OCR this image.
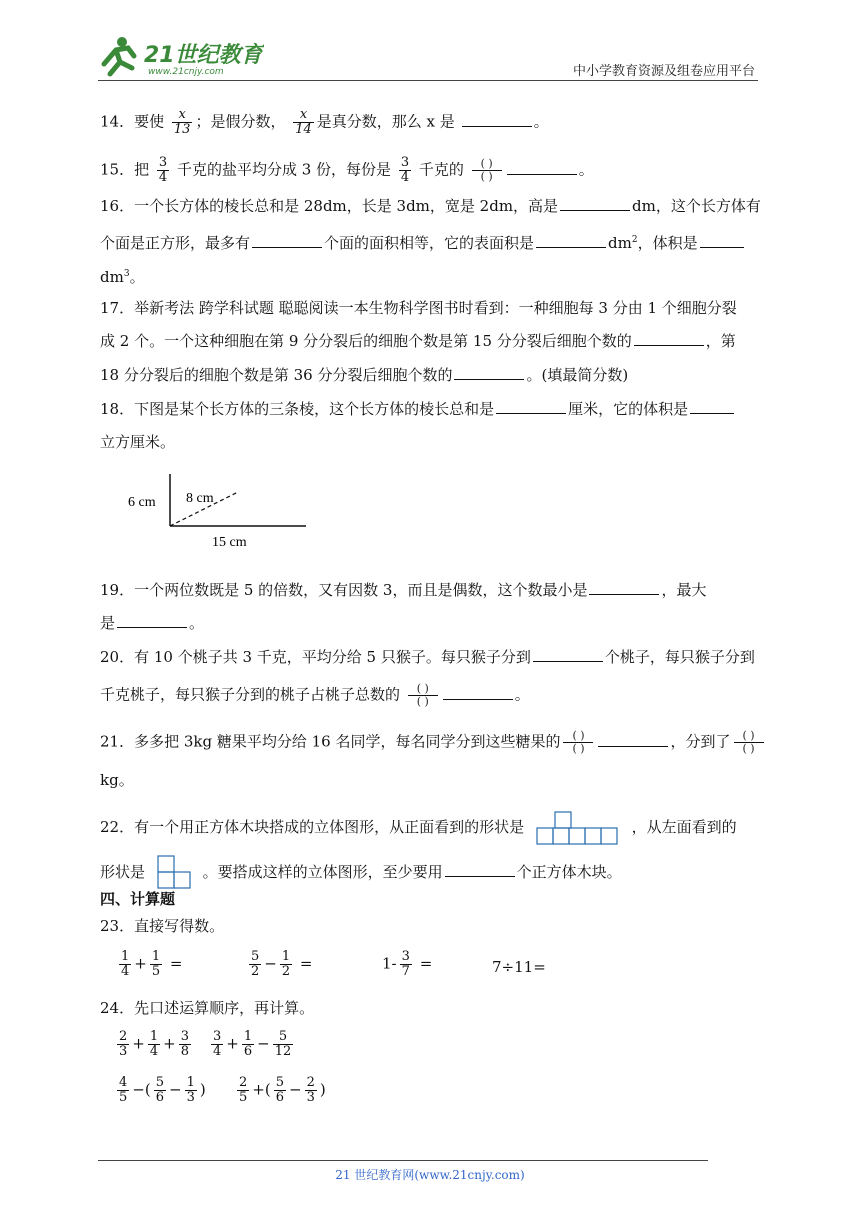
21世纪教育
www.21cnjy.com	中小学教育资源及组卷应用平台
14．要使 $\frac{x}{13}$ ；是假分数， $\frac{x}{14}$ 是真分数，那么 x 是	。
15．把 $\frac{3}{4}$ 千克的盐平均分成 3 份，每份是 $\frac{3}{4}$ 千克的 $\frac{( )}{( )}$	。
16．一个长方体的棱长总和是 28dm，长是 3dm，宽是 2dm，高是	dm，这个长方体有
个面是正方形，最多有	个面的面积相等，它的表面积是	$dm^2$，体积是
$dm^3$。
17．举新考法 跨学科试题 聪聪阅读一本生物科学图书时看到：一种细胞每 3 分由 1 个细胞分裂
成 2 个。一个这种细胞在第 9 分分裂后的细胞个数是第 15 分分裂后细胞个数的	，第
18 分分裂后的细胞个数是第 36 分分裂后细胞个数的	。(填最简分数)
18．下图是某个长方体的三条棱，这个长方体的棱长总和是	厘米，它的体积是
立方厘米。
6 cm 8 cm
15 cm
19．一个两位数既是 5 的倍数，又有因数 3，而且是偶数，这个数最小是	，最大
是	。
20．有 10 个桃子共 3 千克，平均分给 5 只猴子。每只猴子分到	个桃子，每只猴子分到
千克桃子，每只猴子分到的桃子占桃子总数的 $\frac{( )}{( )}$	。
21．多多把 3kg 糖果平均分给 16 名同学，每名同学分到这些糖果的 $\frac{( )}{( )}$	，分到了 $\frac{( )}{( )}$
kg。
22．有一个用正方体木块搭成的立体图形，从正面看到的形状是	，从左面看到的
形状是	。要搭成这样的立体图形，至少要用	个正方体木块。
四、计算题
23．直接写得数。
$\frac{1}{4} + \frac{1}{5}$ =	$\frac{5}{2} - \frac{1}{2}$ =	$1- \frac{3}{7}$ =	7÷11=
24．先口述运算顺序，再计算。
$\frac{2}{3} + \frac{1}{4} + \frac{3}{8} \frac{3}{4} + \frac{1}{6} - \frac{5}{12}$
$\frac{4}{5}$ −( $\frac{5}{6} - \frac{1}{3}$ ) $\frac{2}{5}$ +( $\frac{5}{6} - \frac{2}{3}$ )
21 世纪教育网(www.21cnjy.com)
